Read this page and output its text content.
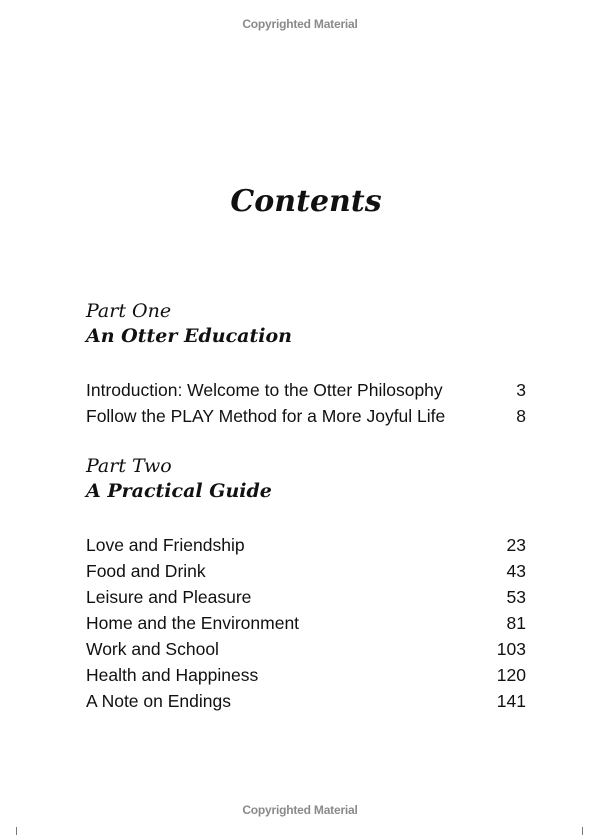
Copyrighted Material
Contents
Part One
An Otter Education
Introduction: Welcome to the Otter Philosophy	3
Follow the PLAY Method for a More Joyful Life	8
Part Two
A Practical Guide
Love and Friendship	23
Food and Drink	43
Leisure and Pleasure	53
Home and the Environment	81
Work and School	103
Health and Happiness	120
A Note on Endings	141
Copyrighted Material
